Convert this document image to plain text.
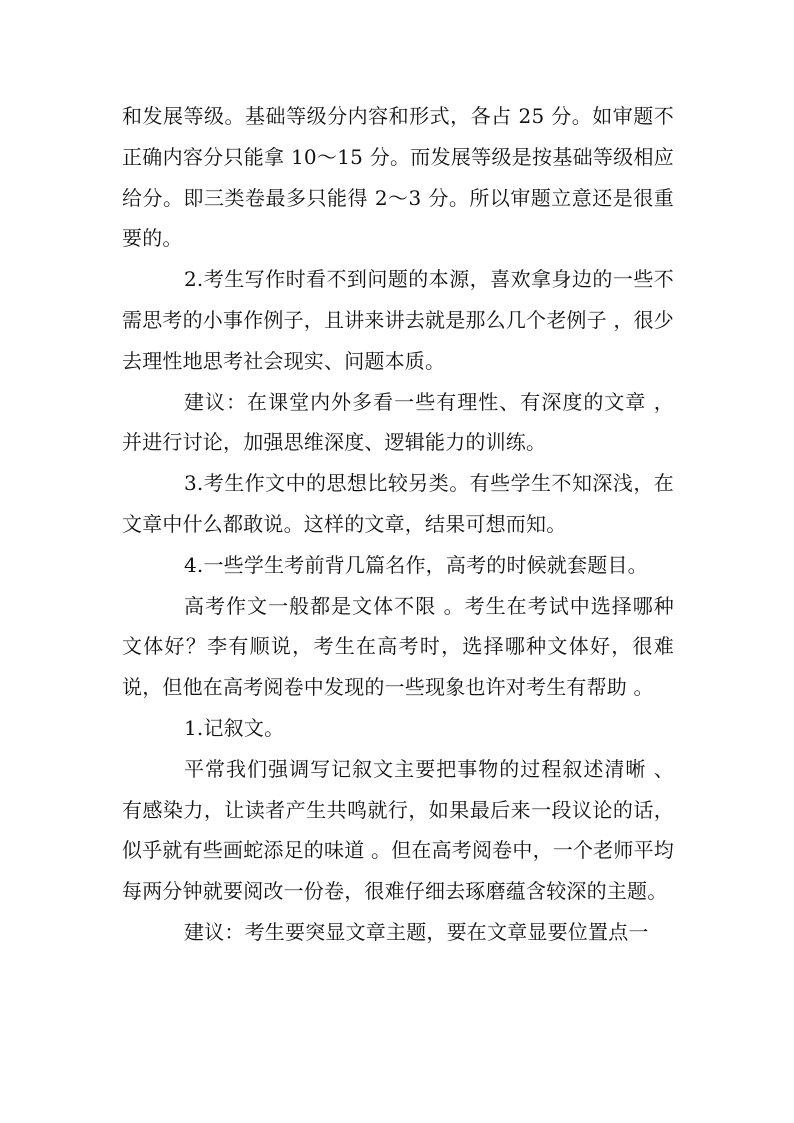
和发展等级。基础等级分内容和形式，各占 25 分。如审题不正确内容分只能拿 10～15 分。而发展等级是按基础等级相应给分。即三类卷最多只能得 2～3 分。所以审题立意还是很重要的。

2.考生写作时看不到问题的本源，喜欢拿身边的一些不需思考的小事作例子，且讲来讲去就是那么几个老例子 ，很少去理性地思考社会现实、问题本质。

建议：在课堂内外多看一些有理性、有深度的文章 ，并进行讨论，加强思维深度、逻辑能力的训练。

3.考生作文中的思想比较另类。有些学生不知深浅，在文章中什么都敢说。这样的文章，结果可想而知。

4.一些学生考前背几篇名作，高考的时候就套题目。

高考作文一般都是文体不限 。考生在考试中选择哪种文体好？李有顺说，考生在高考时，选择哪种文体好，很难说，但他在高考阅卷中发现的一些现象也许对考生有帮助 。

1.记叙文。

平常我们强调写记叙文主要把事物的过程叙述清晰 、有感染力，让读者产生共鸣就行，如果最后来一段议论的话，似乎就有些画蛇添足的味道 。但在高考阅卷中，一个老师平均每两分钟就要阅改一份卷，很难仔细去琢磨蕴含较深的主题。

建议：考生要突显文章主题，要在文章显要位置点一
